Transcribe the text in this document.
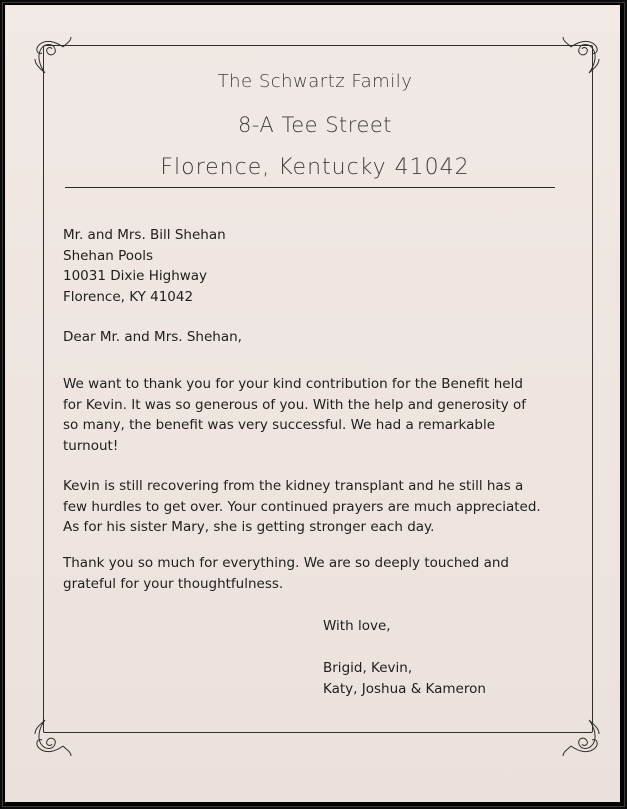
The Schwartz Family
8-A Tee Street
Florence, Kentucky 41042
Mr. and Mrs. Bill Shehan
Shehan Pools
10031 Dixie Highway
Florence, KY 41042
Dear Mr. and Mrs. Shehan,
We want to thank you for your kind contribution for the Benefit held
for Kevin. It was so generous of you. With the help and generosity of
so many, the benefit was very successful. We had a remarkable
turnout!
Kevin is still recovering from the kidney transplant and he still has a
few hurdles to get over. Your continued prayers are much appreciated.
As for his sister Mary, she is getting stronger each day.
Thank you so much for everything. We are so deeply touched and
grateful for your thoughtfulness.
With love,
Brigid, Kevin,
Katy, Joshua & Kameron
